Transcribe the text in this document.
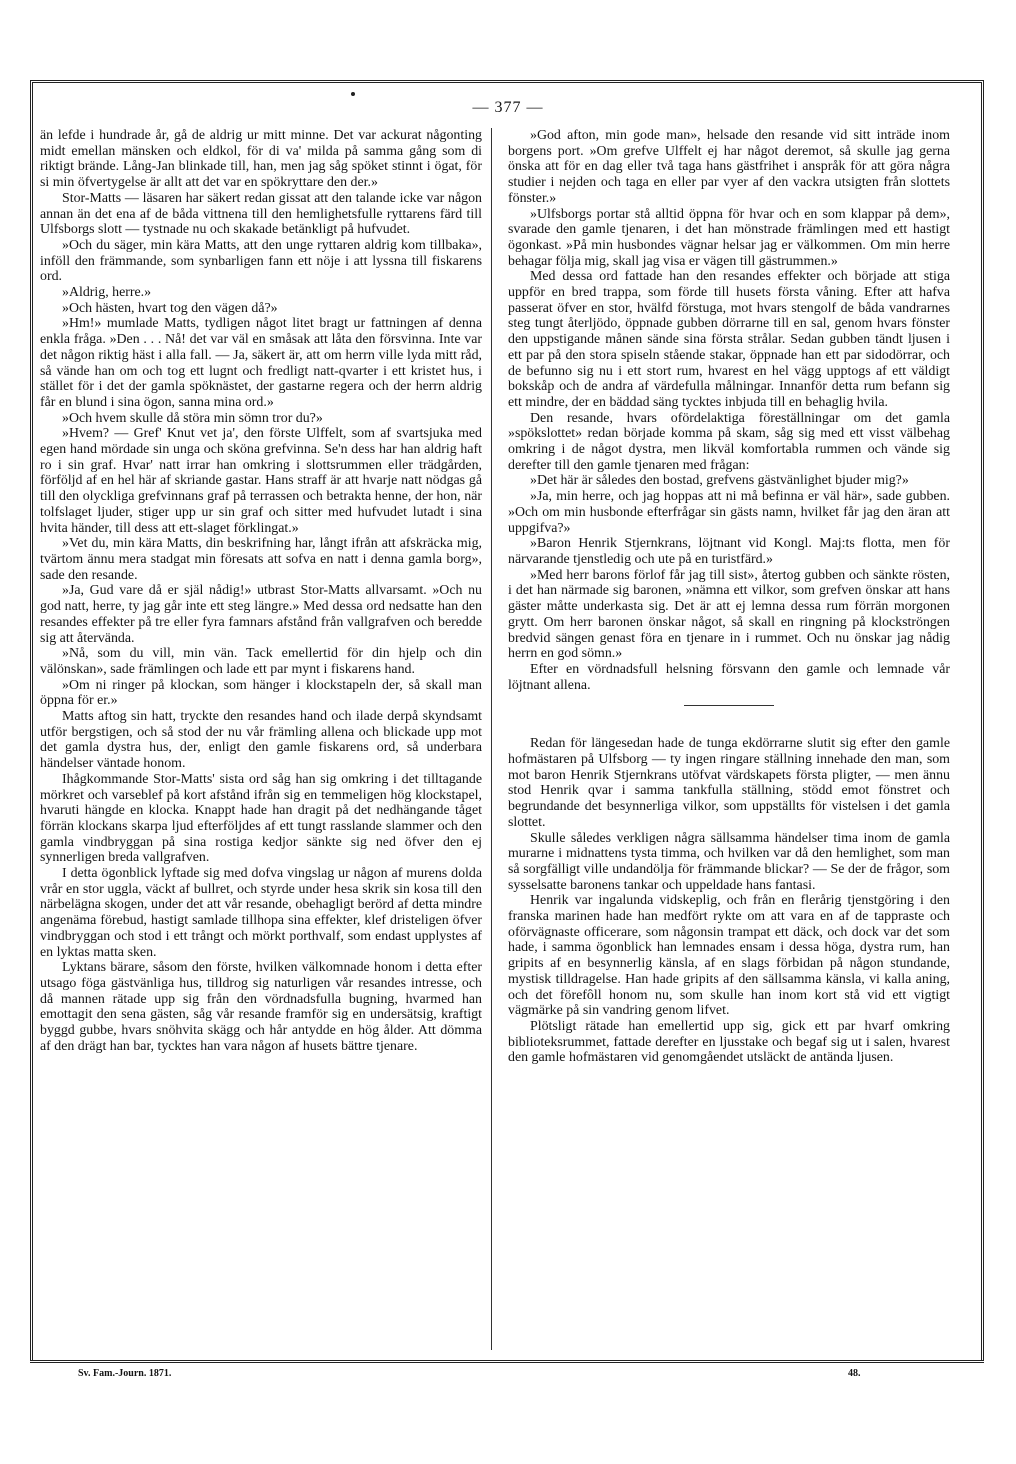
— 377 —

än lefde i hundrade år, gå de aldrig ur mitt minne. Det var ackurat någonting midt emellan mänsken och eldkol, för di va' milda på samma gång som di riktigt brände. Lång-Jan blinkade till, han, men jag såg spöket stinnt i ögat, för si min öfvertygelse är allt att det var en spökryttare den der.»

Stor-Matts — läsaren har säkert redan gissat att den talande icke var någon annan än det ena af de båda vittnena till den hemlighetsfulle ryttarens färd till Ulfsborgs slott — tystnade nu och skakade betänkligt på hufvudet.

»Och du säger, min kära Matts, att den unge ryttaren aldrig kom tillbaka», inföll den främmande, som synbarligen fann ett nöje i att lyssna till fiskarens ord.

»Aldrig, herre.»

»Och hästen, hvart tog den vägen då?»

»Hm!» mumlade Matts, tydligen något litet bragt ur fattningen af denna enkla fråga. »Den . . . Nå! det var väl en småsak att låta den försvinna. Inte var det någon riktig häst i alla fall. — Ja, säkert är, att om herrn ville lyda mitt råd, så vände han om och tog ett lugnt och fredligt natt-qvarter i ett kristet hus, i stället för i det der gamla spöknästet, der gastarne regera och der herrn aldrig får en blund i sina ögon, sanna mina ord.»

»Och hvem skulle då störa min sömn tror du?»

»Hvem? — Gref' Knut vet ja', den förste Ulffelt, som af svartsjuka med egen hand mördade sin unga och sköna grefvinna. Se'n dess har han aldrig haft ro i sin graf. Hvar' natt irrar han omkring i slottsrummen eller trädgården, förföljd af en hel här af skriande gastar. Hans straff är att hvarje natt nödgas gå till den olyckliga grefvinnans graf på terrassen och betrakta henne, der hon, när tolfslaget ljuder, stiger upp ur sin graf och sitter med hufvudet lutadt i sina hvita händer, till dess att ett-slaget förklingat.»

»Vet du, min kära Matts, din beskrifning har, långt ifrån att afskräcka mig, tvärtom ännu mera stadgat min föresats att sofva en natt i denna gamla borg», sade den resande.

»Ja, Gud vare då er själ nådig!» utbrast Stor-Matts allvarsamt. »Och nu god natt, herre, ty jag går inte ett steg längre.» Med dessa ord nedsatte han den resandes effekter på tre eller fyra famnars afstånd från vallgrafven och beredde sig att återvända.

»Nå, som du vill, min vän. Tack emellertid för din hjelp och din välönskan», sade främlingen och lade ett par mynt i fiskarens hand.

»Om ni ringer på klockan, som hänger i klockstapeln der, så skall man öppna för er.»

Matts aftog sin hatt, tryckte den resandes hand och ilade derpå skyndsamt utför bergstigen, och så stod der nu vår främling allena och blickade upp mot det gamla dystra hus, der, enligt den gamle fiskarens ord, så underbara händelser väntade honom.

Ihågkommande Stor-Matts' sista ord såg han sig omkring i det tilltagande mörkret och varseblef på kort afstånd ifrån sig en temmeligen hög klockstapel, hvaruti hängde en klocka. Knappt hade han dragit på det nedhängande tåget förrän klockans skarpa ljud efterföljdes af ett tungt rasslande slammer och den gamla vindbryggan på sina rostiga kedjor sänkte sig ned öfver den ej synnerligen breda vallgrafven.

I detta ögonblick lyftade sig med dofva vingslag ur någon af murens dolda vrår en stor uggla, väckt af bullret, och styrde under hesa skrik sin kosa till den närbelägna skogen, under det att vår resande, obehagligt berörd af detta mindre angenäma förebud, hastigt samlade tillhopa sina effekter, klef dristeligen öfver vindbryggan och stod i ett trångt och mörkt porthvalf, som endast upplystes af en lyktas matta sken.

Lyktans bärare, såsom den förste, hvilken välkomnade honom i detta efter utsago föga gästvänliga hus, tilldrog sig naturligen vår resandes intresse, och då mannen rätade upp sig från den vördnadsfulla bugning, hvarmed han emottagit den sena gästen, såg vår resande framför sig en undersätsig, kraftigt byggd gubbe, hvars snöhvita skägg och hår antydde en hög ålder. Att dömma af den drägt han bar, tycktes han vara någon af husets bättre tjenare.

»God afton, min gode man», helsade den resande vid sitt inträde inom borgens port. »Om grefve Ulffelt ej har något deremot, så skulle jag gerna önska att för en dag eller två taga hans gästfrihet i anspråk för att göra några studier i nejden och taga en eller par vyer af den vackra utsigten från slottets fönster.»

»Ulfsborgs portar stå alltid öppna för hvar och en som klappar på dem», svarade den gamle tjenaren, i det han mönstrade främlingen med ett hastigt ögonkast. »På min husbondes vägnar helsar jag er välkommen. Om min herre behagar följa mig, skall jag visa er vägen till gästrummen.»

Med dessa ord fattade han den resandes effekter och började att stiga uppför en bred trappa, som förde till husets första våning. Efter att hafva passerat öfver en stor, hvälfd förstuga, mot hvars stengolf de båda vandrarnes steg tungt återljödo, öppnade gubben dörrarne till en sal, genom hvars fönster den uppstigande månen sände sina första strålar. Sedan gubben tändt ljusen i ett par på den stora spiseln stående stakar, öppnade han ett par sidodörrar, och de befunno sig nu i ett stort rum, hvarest en hel vägg upptogs af ett väldigt bokskåp och de andra af värdefulla målningar. Innanför detta rum befann sig ett mindre, der en bäddad säng tycktes inbjuda till en behaglig hvila.

Den resande, hvars ofördelaktiga föreställningar om det gamla »spökslottet» redan började komma på skam, såg sig med ett visst välbehag omkring i de något dystra, men likväl komfortabla rummen och vände sig derefter till den gamle tjenaren med frågan:

»Det här är således den bostad, grefvens gästvänlighet bjuder mig?»

»Ja, min herre, och jag hoppas att ni må befinna er väl här», sade gubben. »Och om min husbonde efterfrågar sin gästs namn, hvilket får jag den äran att uppgifva?»

»Baron Henrik Stjernkrans, löjtnant vid Kongl. Maj:ts flotta, men för närvarande tjenstledig och ute på en turistfärd.»

»Med herr barons förlof får jag till sist», återtog gubben och sänkte rösten, i det han närmade sig baronen, »nämna ett vilkor, som grefven önskar att hans gäster måtte underkasta sig. Det är att ej lemna dessa rum förrän morgonen grytt. Om herr baronen önskar något, så skall en ringning på klockströngen bredvid sängen genast föra en tjenare in i rummet. Och nu önskar jag nådig herrn en god sömn.»

Efter en vördnadsfull helsning försvann den gamle och lemnade vår löjtnant allena.

Redan för längesedan hade de tunga ekdörrarne slutit sig efter den gamle hofmästaren på Ulfsborg — ty ingen ringare ställning innehade den man, som mot baron Henrik Stjernkrans utöfvat värdskapets första pligter, — men ännu stod Henrik qvar i samma tankfulla ställning, stödd emot fönstret och begrundande det besynnerliga vilkor, som uppställts för vistelsen i det gamla slottet.

Skulle således verkligen några sällsamma händelser tima inom de gamla murarne i midnattens tysta timma, och hvilken var då den hemlighet, som man så sorgfälligt ville undandölja för främmande blickar? — Se der de frågor, som sysselsatte baronens tankar och uppeldade hans fantasi.

Henrik var ingalunda vidskeplig, och från en flerårig tjenstgöring i den franska marinen hade han medfört rykte om att vara en af de tappraste och oförvägnaste officerare, som någonsin trampat ett däck, och dock var det som hade, i samma ögonblick han lemnades ensam i dessa höga, dystra rum, han gripits af en besynnerlig känsla, af en slags förbidan på någon stundande, mystisk tilldragelse. Han hade gripits af den sällsamma känsla, vi kalla aning, och det förefôll honom nu, som skulle han inom kort stå vid ett vigtigt vägmärke på sin vandring genom lifvet.

Plötsligt rätade han emellertid upp sig, gick ett par hvarf omkring biblioteksrummet, fattade derefter en ljusstake och begaf sig ut i salen, hvarest den gamle hofmästaren vid genomgåendet utsläckt de antända ljusen.

Sv. Fam.-Journ. 1871.	48.
